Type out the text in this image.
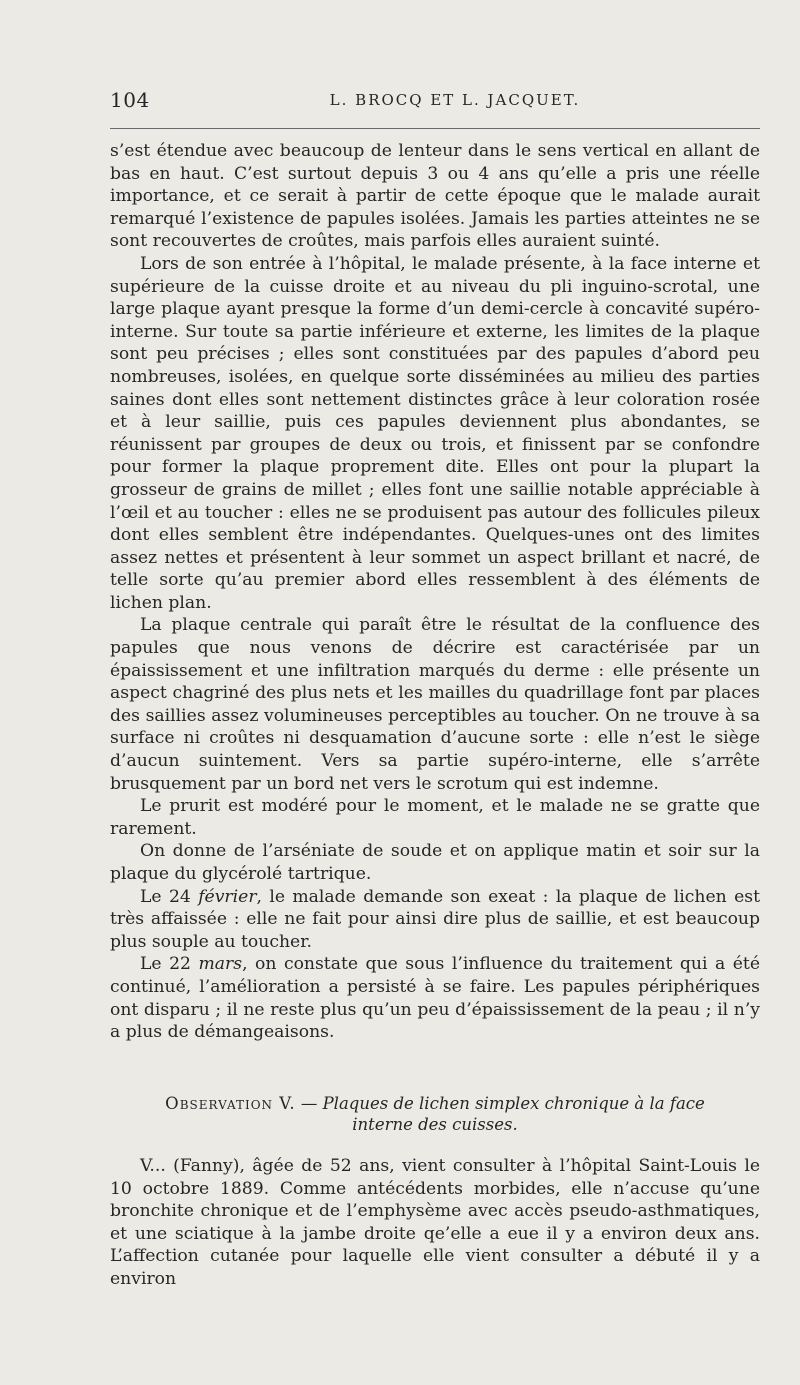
104	L. BROCQ ET L. JACQUET.

s’est étendue avec beaucoup de lenteur dans le sens vertical en allant de bas en haut. C’est surtout depuis 3 ou 4 ans qu’elle a pris une réelle importance, et ce serait à partir de cette époque que le malade aurait remarqué l’existence de papules isolées. Jamais les parties atteintes ne se sont recouvertes de croûtes, mais parfois elles auraient suinté.

Lors de son entrée à l’hôpital, le malade présente, à la face interne et supérieure de la cuisse droite et au niveau du pli inguino-scrotal, une large plaque ayant presque la forme d’un demi-cercle à concavité supéro-interne. Sur toute sa partie inférieure et externe, les limites de la plaque sont peu précises ; elles sont constituées par des papules d’abord peu nombreuses, isolées, en quelque sorte disséminées au milieu des parties saines dont elles sont nettement distinctes grâce à leur coloration rosée et à leur saillie, puis ces papules deviennent plus abondantes, se réunissent par groupes de deux ou trois, et finissent par se confondre pour former la plaque proprement dite. Elles ont pour la plupart la grosseur de grains de millet ; elles font une saillie notable appréciable à l’œil et au toucher : elles ne se produisent pas autour des follicules pileux dont elles semblent être indépendantes. Quelques-unes ont des limites assez nettes et présentent à leur sommet un aspect brillant et nacré, de telle sorte qu’au premier abord elles ressemblent à des éléments de lichen plan.

La plaque centrale qui paraît être le résultat de la confluence des papules que nous venons de décrire est caractérisée par un épaississement et une infiltration marqués du derme : elle présente un aspect chagriné des plus nets et les mailles du quadrillage font par places des saillies assez volumineuses perceptibles au toucher. On ne trouve à sa surface ni croûtes ni desquamation d’aucune sorte : elle n’est le siège d’aucun suintement. Vers sa partie supéro-interne, elle s’arrête brusquement par un bord net vers le scrotum qui est indemne.

Le prurit est modéré pour le moment, et le malade ne se gratte que rarement.

On donne de l’arséniate de soude et on applique matin et soir sur la plaque du glycérolé tartrique.

Le 24 février, le malade demande son exeat : la plaque de lichen est très affaissée : elle ne fait pour ainsi dire plus de saillie, et est beaucoup plus souple au toucher.

Le 22 mars, on constate que sous l’influence du traitement qui a été continué, l’amélioration a persisté à se faire. Les papules périphériques ont disparu ; il ne reste plus qu’un peu d’épaississement de la peau ; il n’y a plus de démangeaisons.

Observation V. — Plaques de lichen simplex chronique à la face
interne des cuisses.

V... (Fanny), âgée de 52 ans, vient consulter à l’hôpital Saint-Louis le 10 octobre 1889. Comme antécédents morbides, elle n’accuse qu’une bronchite chronique et de l’emphysème avec accès pseudo-asthmatiques, et une sciatique à la jambe droite qe’elle a eue il y a environ deux ans. L’affection cutanée pour laquelle elle vient consulter a débuté il y a environ
